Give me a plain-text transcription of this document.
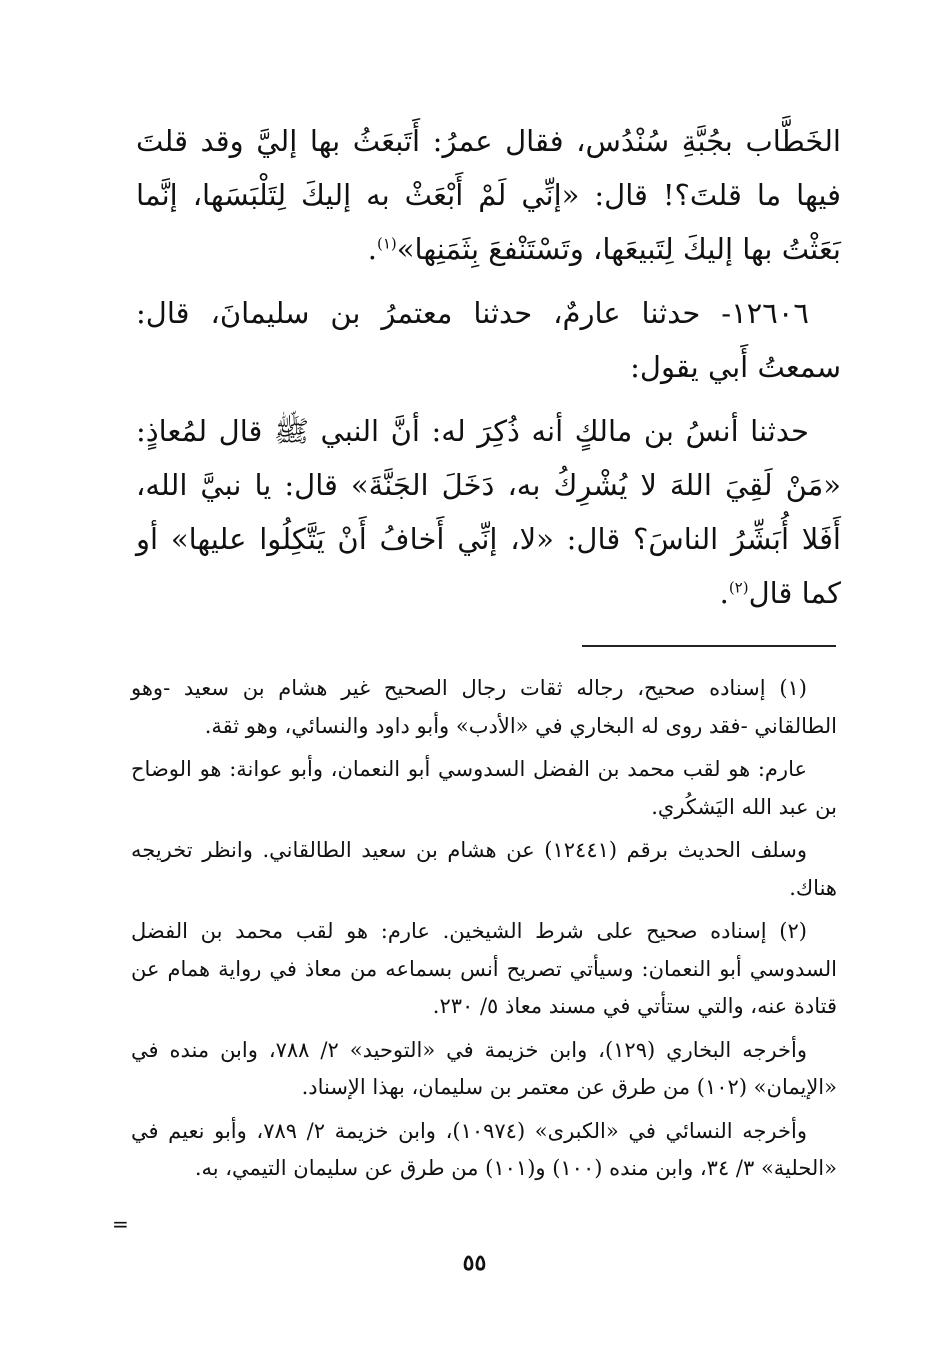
الخَطَّاب بجُبَّةِ سُنْدُس، فقال عمرُ: أَتَبعَثُ بها إليَّ وقد قلتَ فيها ما قلتَ؟! قال: «إنِّي لَمْ أَبْعَثْ به إليكَ لِتَلْبَسَها، إنَّما بَعَثْتُ بها إليكَ لِتَبيعَها، وتَسْتَنْفعَ بِثَمَنِها»$^{(١)}$.

١٢٦٠٦- حدثنا عارمٌ، حدثنا معتمرُ بن سليمانَ، قال: سمعتُ أَبي يقول:

حدثنا أنسُ بن مالكٍ أنه ذُكِرَ له: أنَّ النبي ﷺ قال لمُعاذٍ: «مَنْ لَقِيَ اللهَ لا يُشْرِكُ به، دَخَلَ الجَنَّةَ» قال: يا نبيَّ الله، أَفَلا أُبَشِّرُ الناسَ؟ قال: «لا، إنِّي أَخافُ أَنْ يَتَّكِلُوا عليها» أو كما قال$^{(٢)}$.

(١) إسناده صحيح، رجاله ثقات رجال الصحيح غير هشام بن سعيد -وهو الطالقاني -فقد روى له البخاري في «الأدب» وأبو داود والنسائي، وهو ثقة.

عارم: هو لقب محمد بن الفضل السدوسي أبو النعمان، وأبو عوانة: هو الوضاح بن عبد الله اليَشكُري.

وسلف الحديث برقم (١٢٤٤١) عن هشام بن سعيد الطالقاني. وانظر تخريجه هناك.

(٢) إسناده صحيح على شرط الشيخين. عارم: هو لقب محمد بن الفضل السدوسي أبو النعمان: وسيأتي تصريح أنس بسماعه من معاذ في رواية همام عن قتادة عنه، والتي ستأتي في مسند معاذ ٥/ ٢٣٠.

وأخرجه البخاري (١٢٩)، وابن خزيمة في «التوحيد» ٢/ ٧٨٨، وابن منده في «الإيمان» (١٠٢) من طرق عن معتمر بن سليمان، بهذا الإسناد.

وأخرجه النسائي في «الكبرى» (١٠٩٧٤)، وابن خزيمة ٢/ ٧٨٩، وأبو نعيم في «الحلية» ٣/ ٣٤، وابن منده (١٠٠) و(١٠١) من طرق عن سليمان التيمي، به.

=
٥٥
